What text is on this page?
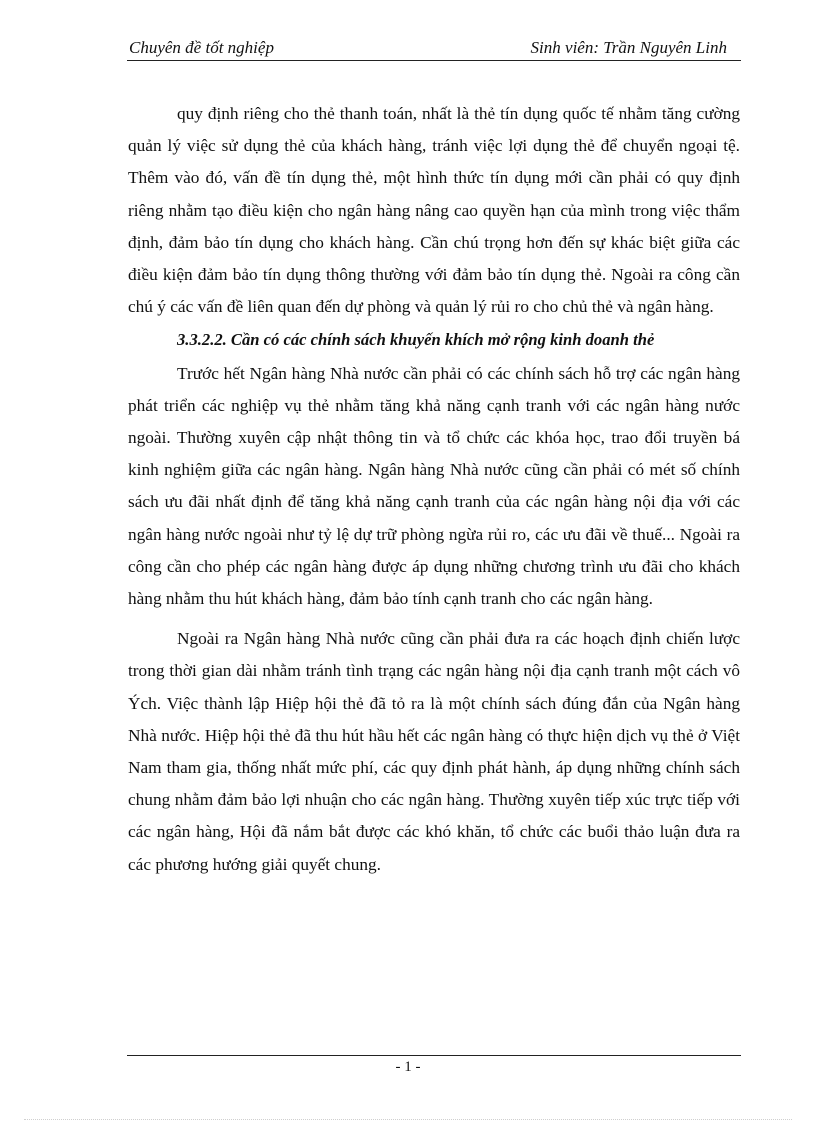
Chuyên đề tốt nghiệp	Sinh viên: Trần Nguyên Linh

quy định riêng cho thẻ thanh toán, nhất là thẻ tín dụng quốc tế nhằm tăng cường quản lý việc sử dụng thẻ của khách hàng, tránh việc lợi dụng thẻ để chuyển ngoại tệ. Thêm vào đó, vấn đề tín dụng thẻ, một hình thức tín dụng mới cần phải có quy định riêng nhằm tạo điều kiện cho ngân hàng nâng cao quyền hạn của mình trong việc thẩm định, đảm bảo tín dụng cho khách hàng. Cần chú trọng hơn đến sự khác biệt giữa các điều kiện đảm bảo tín dụng thông thường với đảm bảo tín dụng thẻ. Ngoài ra công cần chú ý các vấn đề liên quan đến dự phòng và quản lý rủi ro cho chủ thẻ và ngân hàng.

3.3.2.2. Cần có các chính sách khuyến khích mở rộng kinh doanh thẻ

Trước hết Ngân hàng Nhà nước cần phải có các chính sách hỗ trợ các ngân hàng phát triển các nghiệp vụ thẻ nhằm tăng khả năng cạnh tranh với các ngân hàng nước ngoài. Thường xuyên cập nhật thông tin và tổ chức các khóa học, trao đổi truyền bá kinh nghiệm giữa các ngân hàng. Ngân hàng Nhà nước cũng cần phải có mét số chính sách ưu đãi nhất định để tăng khả năng cạnh tranh của các ngân hàng nội địa với các ngân hàng nước ngoài như tỷ lệ dự trữ phòng ngừa rủi ro, các ưu đãi về thuế... Ngoài ra công cần cho phép các ngân hàng được áp dụng những chương trình ưu đãi cho khách hàng nhằm thu hút khách hàng, đảm bảo tính cạnh tranh cho các ngân hàng.

Ngoài ra Ngân hàng Nhà nước cũng cần phải đưa ra các hoạch định chiến lược trong thời gian dài nhằm tránh tình trạng các ngân hàng nội địa cạnh tranh một cách vô Ých. Việc thành lập Hiệp hội thẻ đã tỏ ra là một chính sách đúng đắn của Ngân hàng Nhà nước. Hiệp hội thẻ đã thu hút hầu hết các ngân hàng có thực hiện dịch vụ thẻ ở Việt Nam tham gia, thống nhất mức phí, các quy định phát hành, áp dụng những chính sách chung nhằm đảm bảo lợi nhuận cho các ngân hàng. Thường xuyên tiếp xúc trực tiếp với các ngân hàng, Hội đã nắm bắt được các khó khăn, tổ chức các buổi thảo luận đưa ra các phương hướng giải quyết chung.

- 1 -
